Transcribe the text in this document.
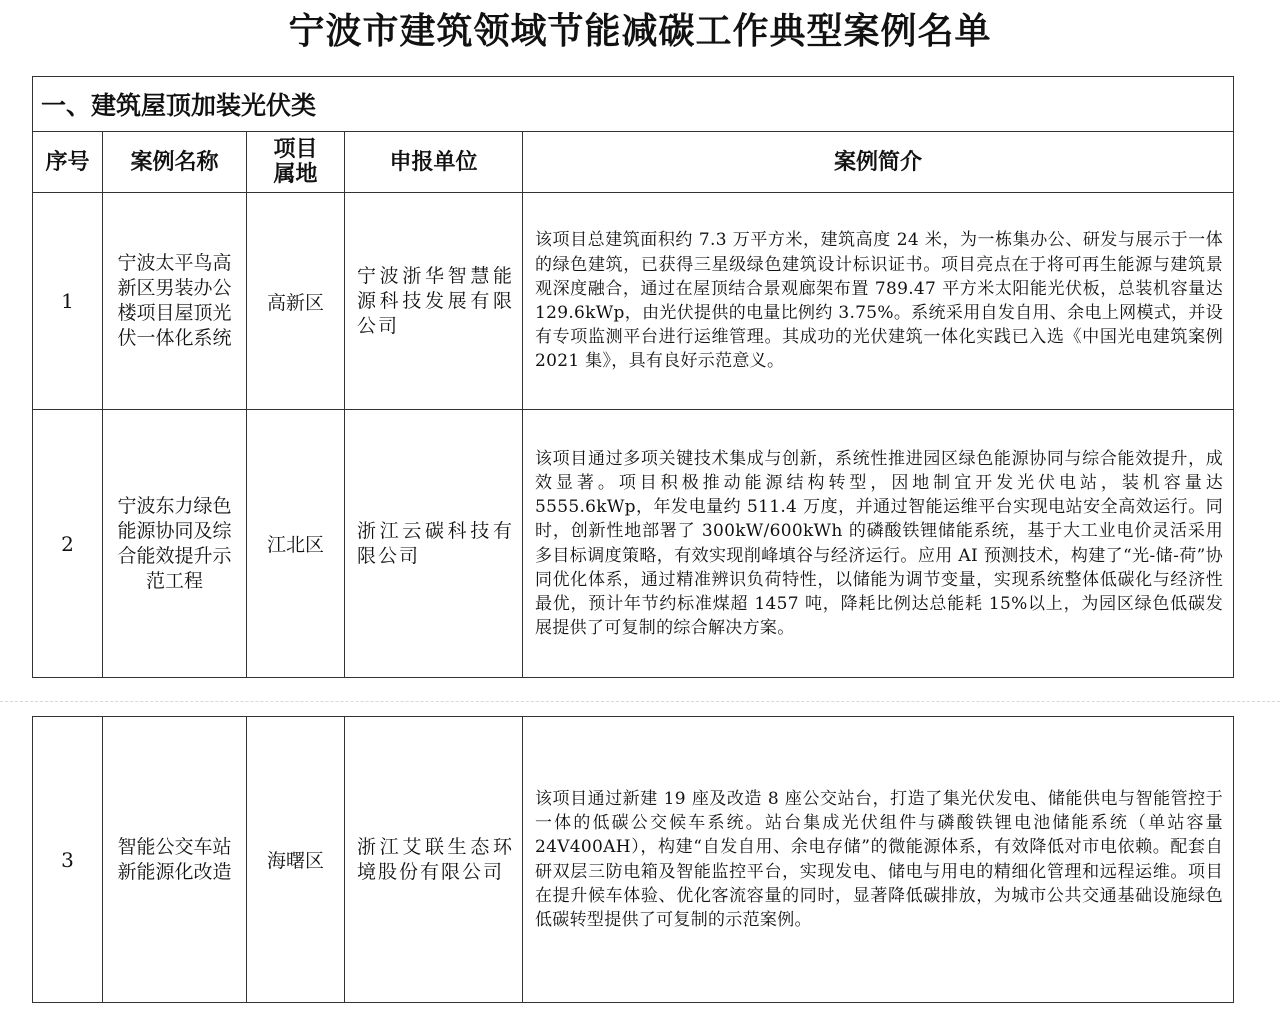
宁波市建筑领域节能减碳工作典型案例名单
一、建筑屋顶加装光伏类				
序号	案例名称	项目属地	申报单位	案例简介
1	宁波太平鸟高新区男装办公楼项目屋顶光伏一体化系统	高新区	宁波浙华智慧能源科技发展有限公司	该项目总建筑面积约 7.3 万平方米，建筑高度 24 米，为一栋集办公、研发与展示于一体的绿色建筑，已获得三星级绿色建筑设计标识证书。项目亮点在于将可再生能源与建筑景观深度融合，通过在屋顶结合景观廊架布置 789.47 平方米太阳能光伏板，总装机容量达 129.6kWp，由光伏提供的电量比例约 3.75%。系统采用自发自用、余电上网模式，并设有专项监测平台进行运维管理。其成功的光伏建筑一体化实践已入选《中国光电建筑案例 2021 集》，具有良好示范意义。
2	宁波东力绿色能源协同及综合能效提升示范工程	江北区	浙江云碳科技有限公司	该项目通过多项关键技术集成与创新，系统性推进园区绿色能源协同与综合能效提升，成效显著。项目积极推动能源结构转型，因地制宜开发光伏电站，装机容量达 5555.6kWp，年发电量约 511.4 万度，并通过智能运维平台实现电站安全高效运行。同时，创新性地部署了 300kW/600kWh 的磷酸铁锂储能系统，基于大工业电价灵活采用多目标调度策略，有效实现削峰填谷与经济运行。应用 AI 预测技术，构建了“光-储-荷”协同优化体系，通过精准辨识负荷特性，以储能为调节变量，实现系统整体低碳化与经济性最优，预计年节约标准煤超 1457 吨，降耗比例达总能耗 15%以上，为园区绿色低碳发展提供了可复制的综合解决方案。
3	智能公交车站新能源化改造	海曙区	浙江艾联生态环境股份有限公司	该项目通过新建 19 座及改造 8 座公交站台，打造了集光伏发电、储能供电与智能管控于一体的低碳公交候车系统。站台集成光伏组件与磷酸铁锂电池储能系统（单站容量 24V400AH），构建“自发自用、余电存储”的微能源体系，有效降低对市电依赖。配套自研双层三防电箱及智能监控平台，实现发电、储电与用电的精细化管理和远程运维。项目在提升候车体验、优化客流容量的同时，显著降低碳排放，为城市公共交通基础设施绿色低碳转型提供了可复制的示范案例。
